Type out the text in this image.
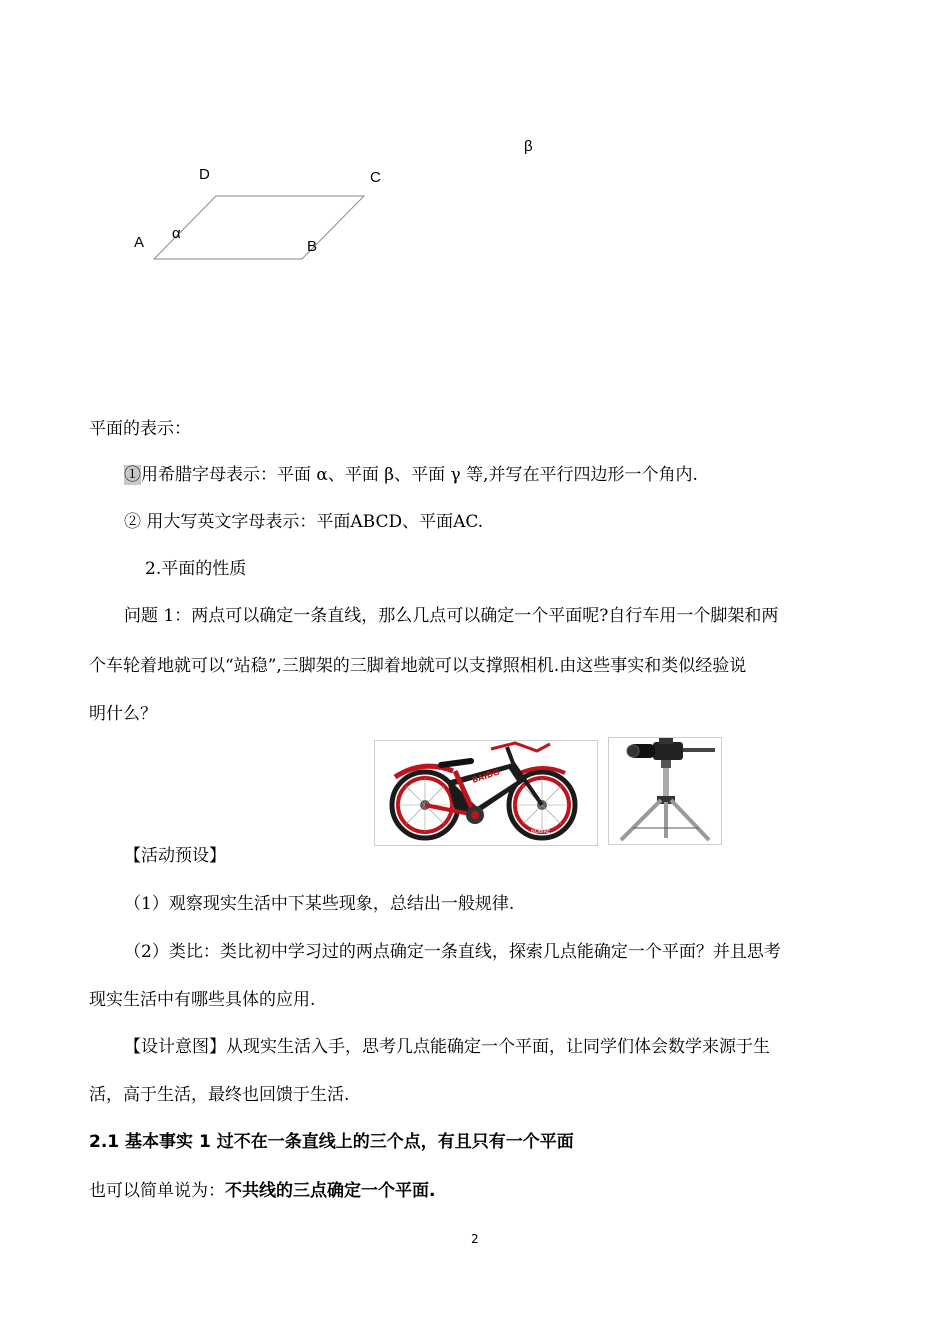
β
D	C
A
α
B
平面的表示：
①用希腊字母表示：平面 α、平面 β、平面 γ 等,并写在平行四边形一个角内.
② 用大写英文字母表示：平面ABCD、平面AC.
2.平面的性质
问题 1：两点可以确定一条直线，那么几点可以确定一个平面呢?自行车用一个脚架和两
个车轮着地就可以“站稳”,三脚架的三脚着地就可以支撑照相机.由这些事实和类似经验说
明什么？
BAIDO
NOBIRE
【活动预设】
（1）观察现实生活中下某些现象，总结出一般规律.
（2）类比：类比初中学习过的两点确定一条直线，探索几点能确定一个平面？并且思考
现实生活中有哪些具体的应用.
【设计意图】从现实生活入手，思考几点能确定一个平面，让同学们体会数学来源于生
活，高于生活，最终也回馈于生活.
2.1 基本事实 1 过不在一条直线上的三个点，有且只有一个平面
也可以简单说为：不共线的三点确定一个平面.
2
